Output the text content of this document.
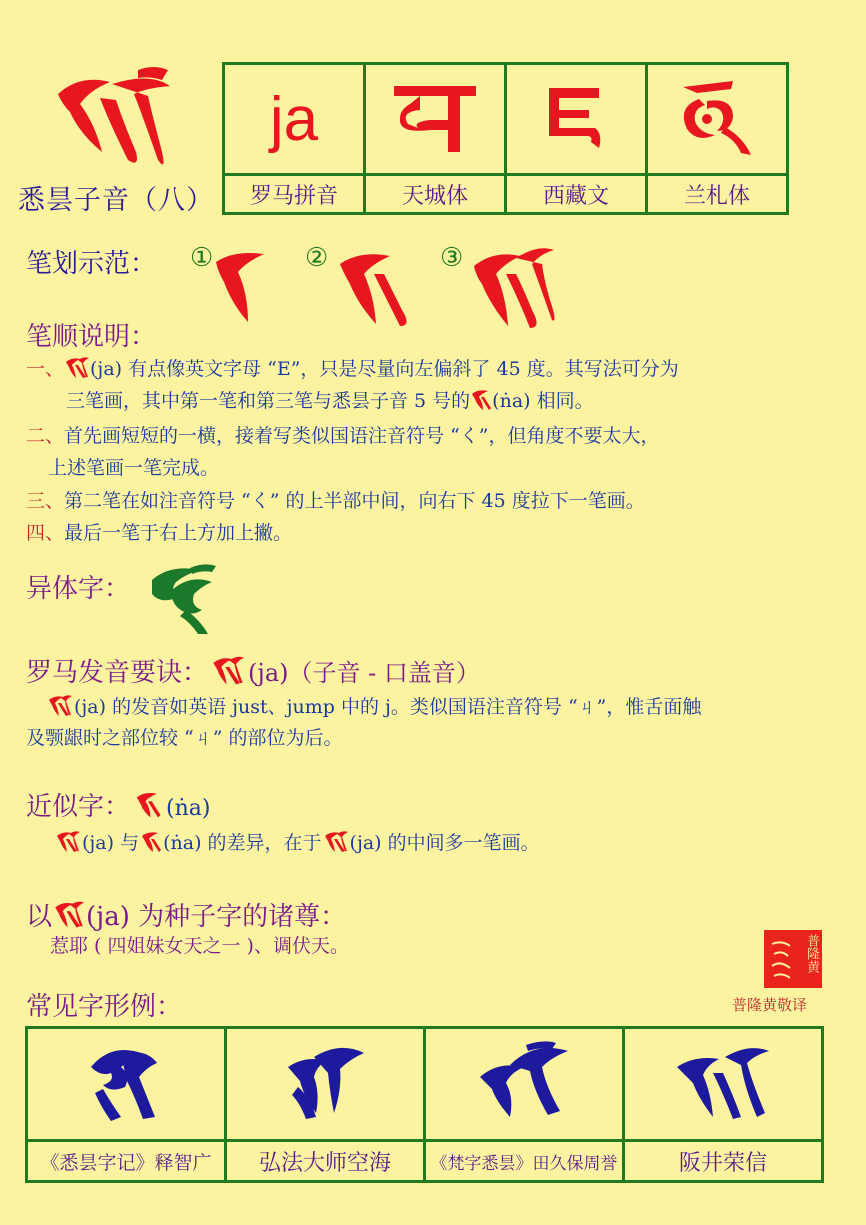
悉昙子音（八）
ja			
罗马拼音	天城体	西藏文	兰札体
笔划示范： ①	②	③
笔顺说明：
一、 (ja) 有点像英文字母 “E”，只是尽量向左偏斜了 45 度。其写法可分为
三笔画，其中第一笔和第三笔与悉昙子音 5 号的 (ṅa) 相同。
二、首先画短短的一横，接着写类似国语注音符号 “く”，但角度不要太大，
上述笔画一笔完成。
三、第二笔在如注音符号 “く” 的上半部中间，向右下 45 度拉下一笔画。
四、最后一笔于右上方加上撇。
异体字：
罗马发音要诀： (ja)（子音 - 口盖音）
(ja) 的发音如英语 just、jump 中的 j。类似国语注音符号 “ㄐ”，惟舌面触
及颚龈时之部位较 “ㄐ” 的部位为后。
近似字： (ṅa)
(ja) 与 (ṅa) 的差异，在于 (ja) 的中间多一笔画。
以 (ja) 为种子字的诸尊：
惹耶 ( 四姐妹女天之一 )、调伏天。	普隆黄
普隆黄敬译
常见字形例：

《悉昙字记》释智广	弘法大师空海	《梵字悉昙》田久保周誉	阪井荣信
